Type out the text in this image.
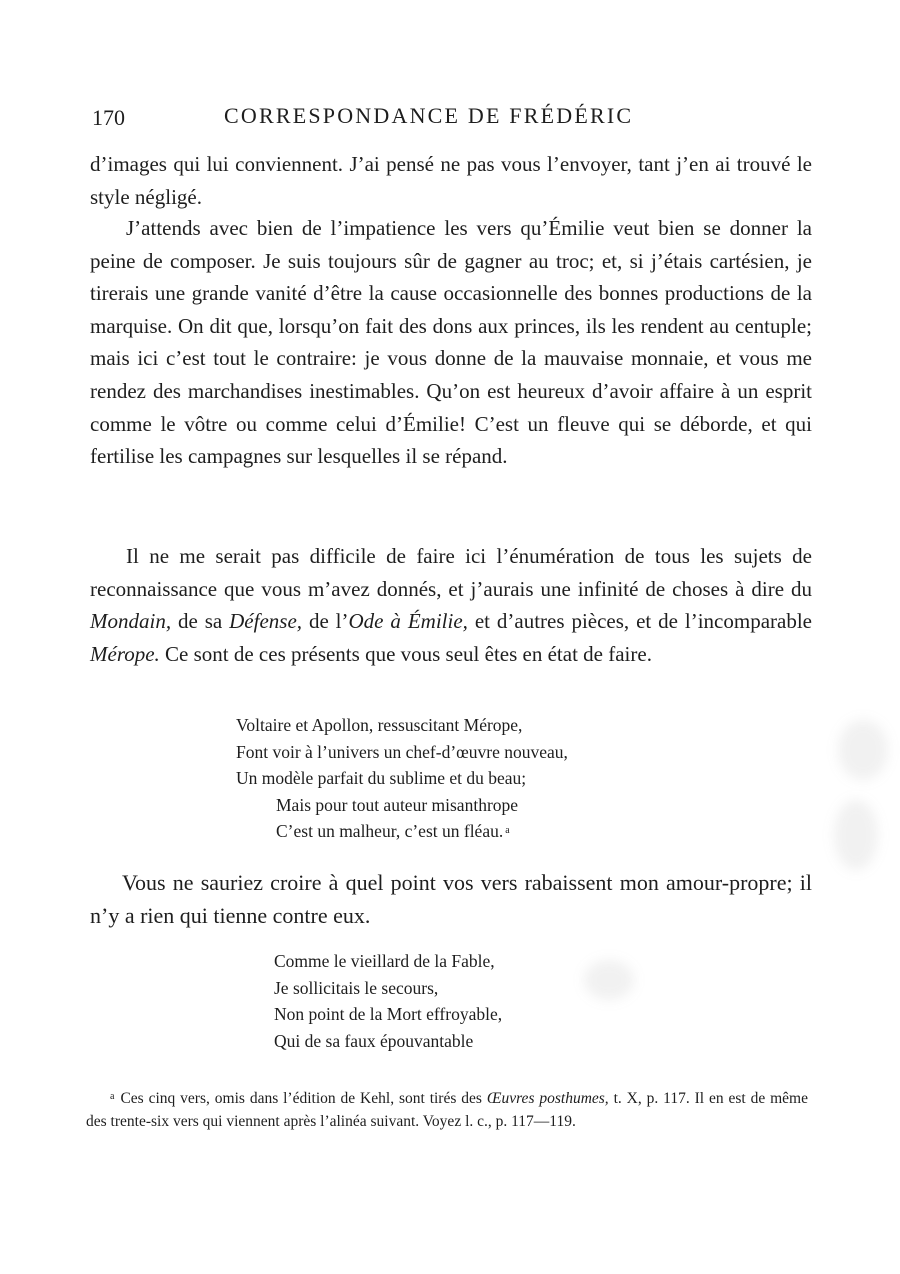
170	CORRESPONDANCE DE FRÉDÉRIC

d’images qui lui conviennent. J’ai pensé ne pas vous l’envoyer, tant j’en ai trouvé le style négligé.

J’attends avec bien de l’impatience les vers qu’Émilie veut bien se donner la peine de composer. Je suis toujours sûr de gagner au troc; et, si j’étais cartésien, je tirerais une grande vanité d’être la cause occasionnelle des bonnes productions de la marquise. On dit que, lorsqu’on fait des dons aux princes, ils les rendent au centuple; mais ici c’est tout le contraire: je vous donne de la mauvaise monnaie, et vous me rendez des marchandises inestimables. Qu’on est heureux d’avoir affaire à un esprit comme le vôtre ou comme celui d’Émilie! C’est un fleuve qui se déborde, et qui fertilise les campagnes sur lesquelles il se répand.

Il ne me serait pas difficile de faire ici l’énumération de tous les sujets de reconnaissance que vous m’avez donnés, et j’aurais une infinité de choses à dire du Mondain, de sa Défense, de l’Ode à Émilie, et d’autres pièces, et de l’incomparable Mérope. Ce sont de ces présents que vous seul êtes en état de faire.

Voltaire et Apollon, ressuscitant Mérope,
Font voir à l’univers un chef-d’œuvre nouveau,
Un modèle parfait du sublime et du beau;
Mais pour tout auteur misanthrope
C’est un malheur, c’est un fléau. $^a$

Vous ne sauriez croire à quel point vos vers rabaissent mon amour-propre; il n’y a rien qui tienne contre eux.

Comme le vieillard de la Fable,
Je sollicitais le secours,
Non point de la Mort effroyable,
Qui de sa faux épouvantable

$^a$ Ces cinq vers, omis dans l’édition de Kehl, sont tirés des Œuvres posthumes, t. X, p. 117. Il en est de même des trente-six vers qui viennent après l’alinéa suivant. Voyez l. c., p. 117—119.
